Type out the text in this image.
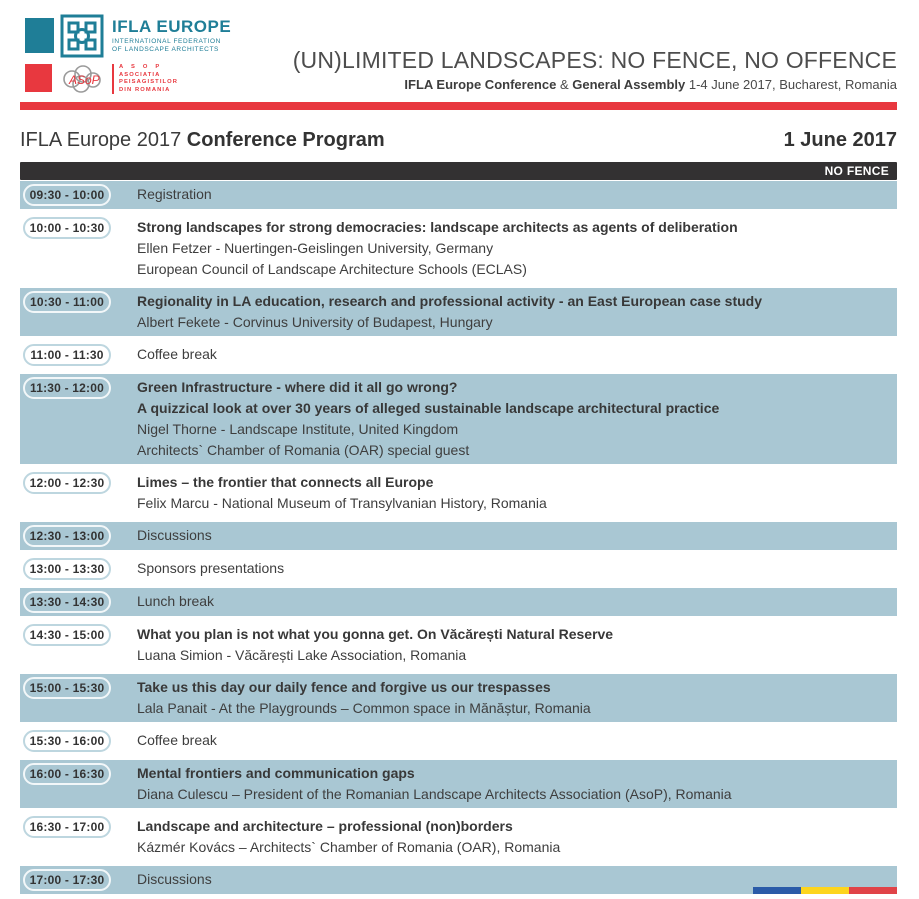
IFLA EUROPE
INTERNATIONAL FEDERATION
OF LANDSCAPE ARCHITECTS
ASoP
A S O P
ASOCIATIA
PEISAGISTILOR
DIN ROMANIA
(UN)LIMITED LANDSCAPES: NO FENCE, NO OFFENCE
IFLA Europe Conference & General Assembly 1-4 June 2017, Bucharest, Romania
IFLA Europe 2017 Conference Program	1 June 2017
NO FENCE
09:30 - 10:00	Registration
10:00 - 10:30	Strong landscapes for strong democracies: landscape architects as agents of deliberation
Ellen Fetzer - Nuertingen-Geislingen University, Germany
European Council of Landscape Architecture Schools (ECLAS)
10:30 - 11:00	Regionality in LA education, research and professional activity - an East European case study
Albert Fekete - Corvinus University of Budapest, Hungary
11:00 - 11:30	Coffee break
11:30 - 12:00	Green Infrastructure - where did it all go wrong?
A quizzical look at over 30 years of alleged sustainable landscape architectural practice
Nigel Thorne - Landscape Institute, United Kingdom
Architects` Chamber of Romania (OAR) special guest
12:00 - 12:30	Limes – the frontier that connects all Europe
Felix Marcu - National Museum of Transylvanian History, Romania
12:30 - 13:00	Discussions
13:00 - 13:30	Sponsors presentations
13:30 - 14:30	Lunch break
14:30 - 15:00	What you plan is not what you gonna get. On Văcărești Natural Reserve
Luana Simion - Văcărești Lake Association, Romania
15:00 - 15:30	Take us this day our daily fence and forgive us our trespasses
Lala Panait - At the Playgrounds – Common space in Mănăștur, Romania
15:30 - 16:00	Coffee break
16:00 - 16:30	Mental frontiers and communication gaps
Diana Culescu – President of the Romanian Landscape Architects Association (AsoP), Romania
16:30 - 17:00	Landscape and architecture – professional (non)borders
Kázmér Kovács – Architects` Chamber of Romania (OAR), Romania
17:00 - 17:30	Discussions
